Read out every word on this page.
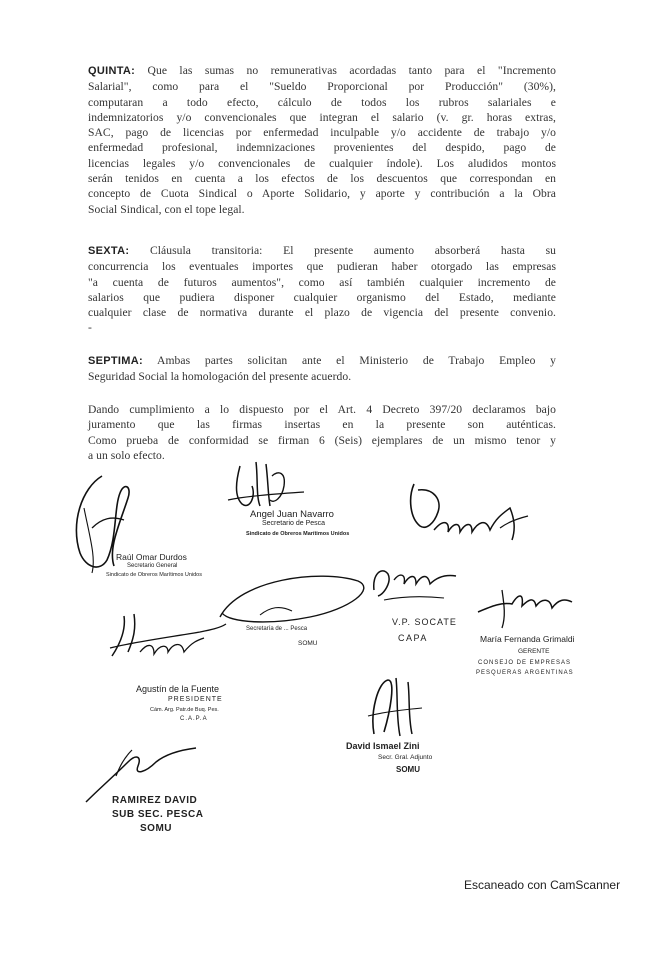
QUINTA: Que las sumas no remunerativas acordadas tanto para el "Incremento
Salarial", como para el "Sueldo Proporcional por Producción" (30%),
computaran a todo efecto, cálculo de todos los rubros salariales e
indemnizatorios y/o convencionales que integran el salario (v. gr. horas extras,
SAC, pago de licencias por enfermedad inculpable y/o accidente de trabajo y/o
enfermedad profesional, indemnizaciones provenientes del despido, pago de
licencias legales y/o convencionales de cualquier índole). Los aludidos montos
serán tenidos en cuenta a los efectos de los descuentos que correspondan en
concepto de Cuota Sindical o Aporte Solidario, y aporte y contribución a la Obra
Social Sindical, con el tope legal.
SEXTA: Cláusula transitoria: El presente aumento absorberá hasta su
concurrencia los eventuales importes que pudieran haber otorgado las empresas
"a cuenta de futuros aumentos", como así también cualquier incremento de
salarios que pudiera disponer cualquier organismo del Estado, mediante
cualquier clase de normativa durante el plazo de vigencia del presente convenio.
-
SEPTIMA: Ambas partes solicitan ante el Ministerio de Trabajo Empleo y
Seguridad Social la homologación del presente acuerdo.
Dando cumplimiento a lo dispuesto por el Art. 4 Decreto 397/20 declaramos bajo
juramento que las firmas insertas en la presente son auténticas.
Como prueba de conformidad se firman 6 (Seis) ejemplares de un mismo tenor y
a un solo efecto.
Raúl Omar Durdos
Secretario General
Sindicato de Obreros Marítimos Unidos
Angel Juan Navarro
Secretario de Pesca
Sindicato de Obreros Marítimos Unidos
Secretaría de ... Pesca
SOMU
V.P. SOCATE
CAPA	María Fernanda Grimaldi
GERENTE
CONSEJO DE EMPRESAS
PESQUERAS ARGENTINAS
Agustín de la Fuente
PRESIDENTE
Cám. Arg. Patr.de Buq. Pes.
C.A.P.A
David Ismael Zini
Secr. Gral. Adjunto
SOMU
RAMIREZ DAVID
SUB SEC. PESCA
SOMU
Escaneado con CamScanner
